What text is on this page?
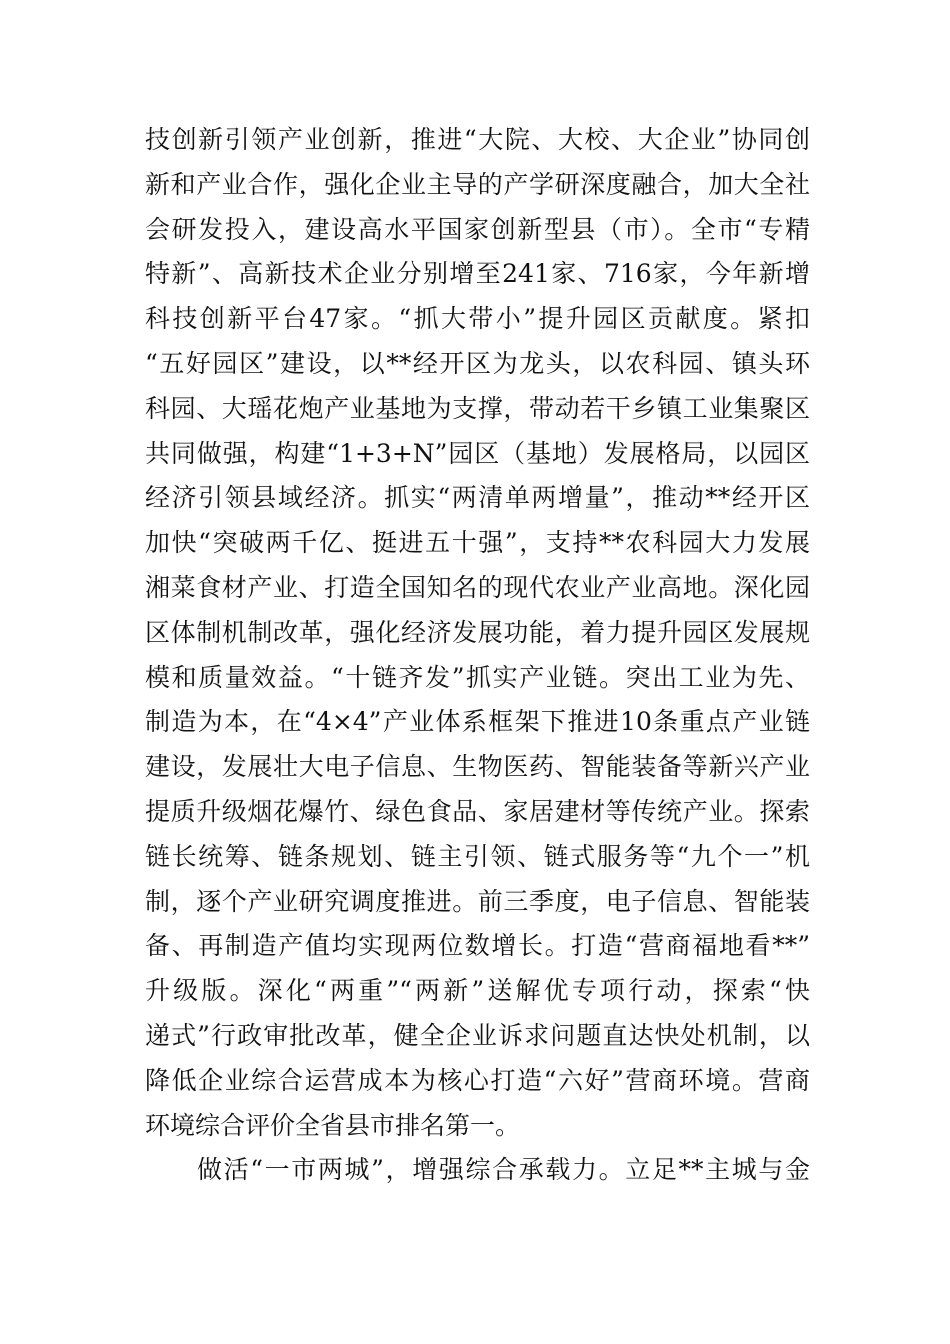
技创新引领产业创新，推进“大院、大校、大企业”协同创
新和产业合作，强化企业主导的产学研深度融合，加大全社
会研发投入，建设高水平国家创新型县（市）。全市“专精
特新”、高新技术企业分别增至241家、716家，今年新增
科技创新平台47家。“抓大带小”提升园区贡献度。紧扣
“五好园区”建设，以**经开区为龙头，以农科园、镇头环
科园、大瑶花炮产业基地为支撑，带动若干乡镇工业集聚区
共同做强，构建“1+3+N”园区（基地）发展格局，以园区
经济引领县域经济。抓实“两清单两增量”，推动**经开区
加快“突破两千亿、挺进五十强”，支持**农科园大力发展
湘菜食材产业、打造全国知名的现代农业产业高地。深化园
区体制机制改革，强化经济发展功能，着力提升园区发展规
模和质量效益。“十链齐发”抓实产业链。突出工业为先、
制造为本，在“4×4”产业体系框架下推进10条重点产业链
建设，发展壮大电子信息、生物医药、智能装备等新兴产业
提质升级烟花爆竹、绿色食品、家居建材等传统产业。探索
链长统筹、链条规划、链主引领、链式服务等“九个一”机
制，逐个产业研究调度推进。前三季度，电子信息、智能装
备、再制造产值均实现两位数增长。打造“营商福地看**”
升级版。深化“两重”“两新”送解优专项行动，探索“快
递式”行政审批改革，健全企业诉求问题直达快处机制，以
降低企业综合运营成本为核心打造“六好”营商环境。营商
环境综合评价全省县市排名第一。
做活“一市两城”，增强综合承载力。立足**主城与金
